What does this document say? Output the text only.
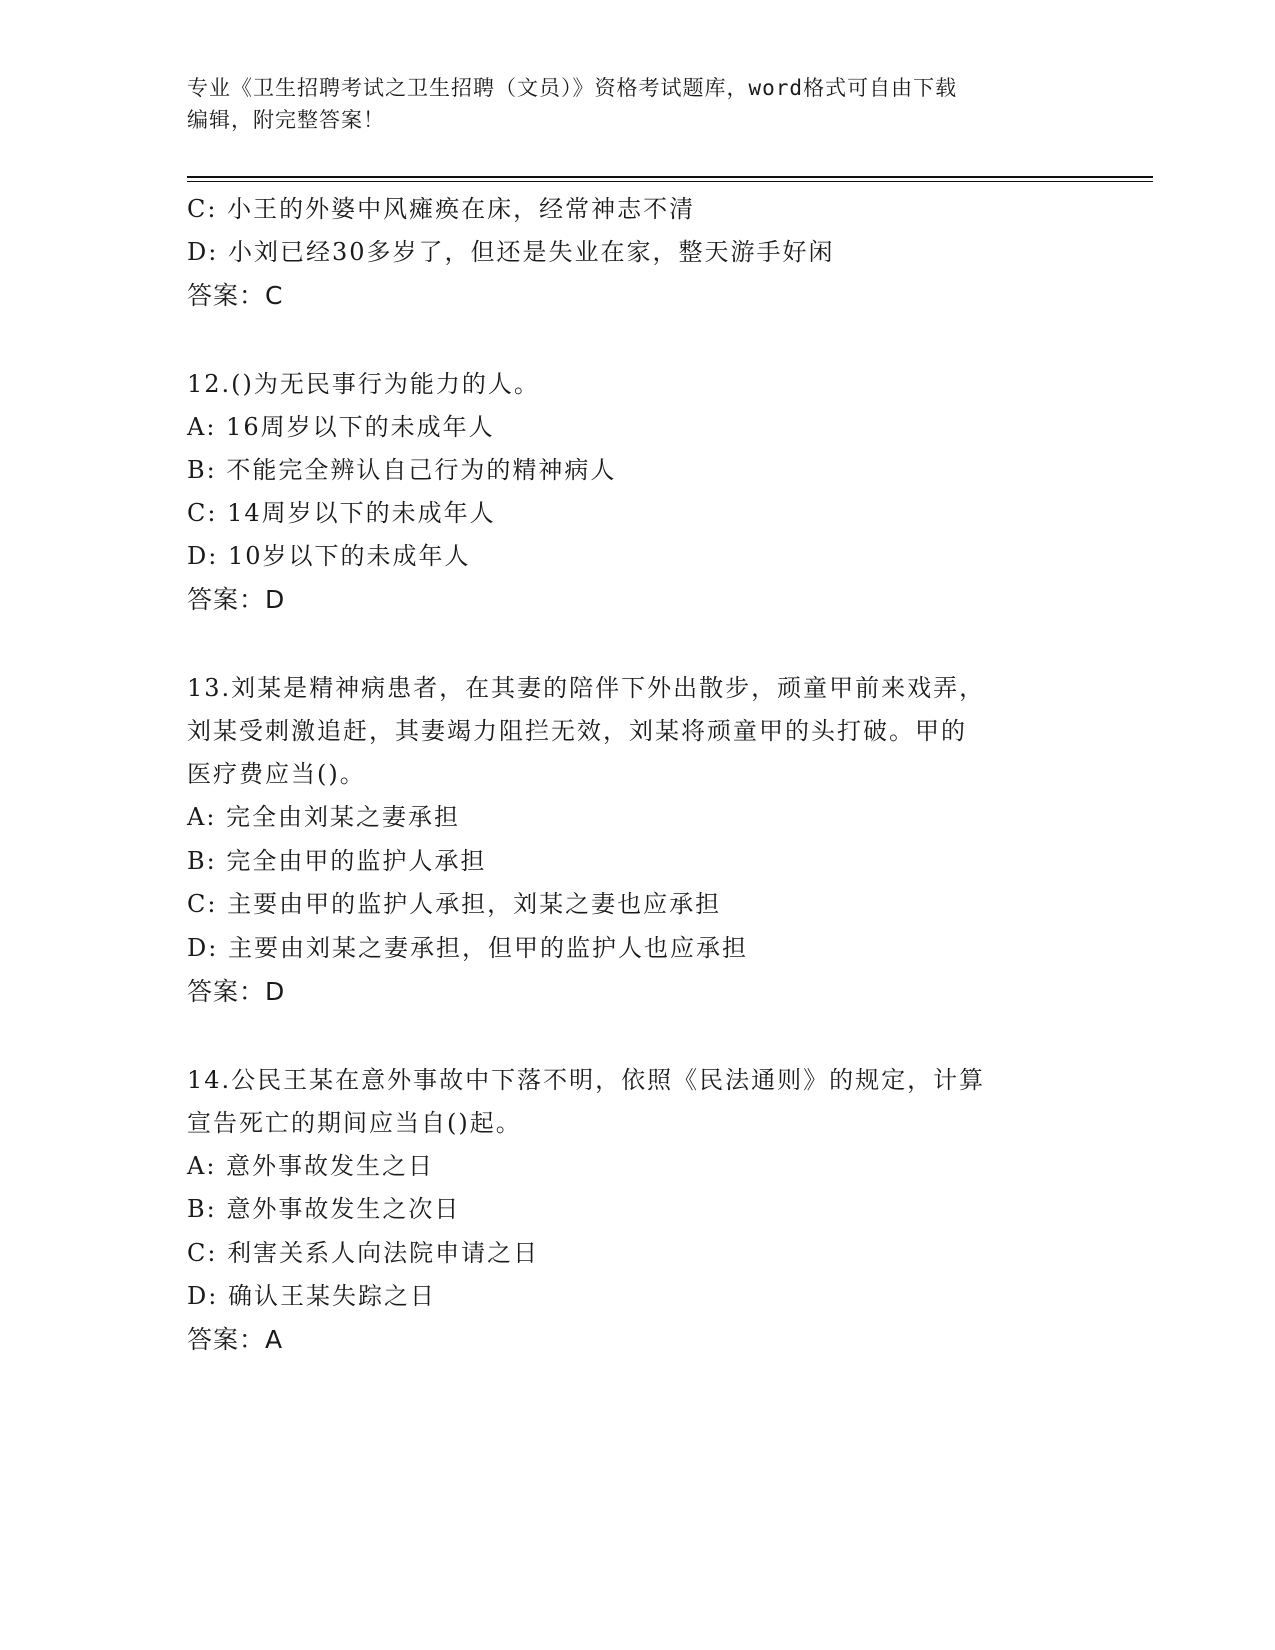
专业《卫生招聘考试之卫生招聘（文员）》资格考试题库，word格式可自由下载
编辑，附完整答案！
C: 小王的外婆中风瘫痪在床，经常神志不清
D: 小刘已经30多岁了，但还是失业在家，整天游手好闲
答案：C
12.()为无民事行为能力的人。
A: 16周岁以下的未成年人
B: 不能完全辨认自己行为的精神病人
C: 14周岁以下的未成年人
D: 10岁以下的未成年人
答案：D
13.刘某是精神病患者，在其妻的陪伴下外出散步，顽童甲前来戏弄，
刘某受刺激追赶，其妻竭力阻拦无效，刘某将顽童甲的头打破。甲的
医疗费应当()。
A: 完全由刘某之妻承担
B: 完全由甲的监护人承担
C: 主要由甲的监护人承担，刘某之妻也应承担
D: 主要由刘某之妻承担，但甲的监护人也应承担
答案：D
14.公民王某在意外事故中下落不明，依照《民法通则》的规定，计算
宣告死亡的期间应当自()起。
A: 意外事故发生之日
B: 意外事故发生之次日
C: 利害关系人向法院申请之日
D: 确认王某失踪之日
答案：A
